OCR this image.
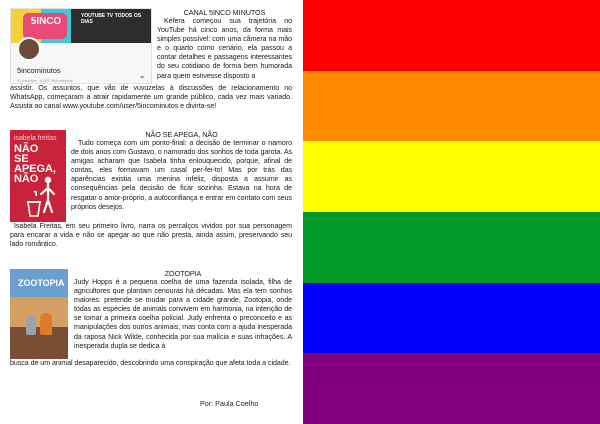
5INCO	YOUTUBE TV TODOS OS DIAS
5incominutos
91 inscritos · 6.027.369 inscritos	☂
CANAL 5INCO MINUTOS
Kéfera começou sua trajetória no YouTube há cinco anos, da forma mais simples possível: com uma câmera na mão e o quarto como cenário, ela passou a contar detalhes e passagens interessantes do seu cotidiano de forma bem humorada para quem estivesse disposto a
assistir. Os assuntos, que vão de vuvuzelas à discussões de relacionamento no WhatsApp, começaram a atrair rapidamente um grande público, cada vez mais variado. Assista ao canal www.youtube.com/user/5incominutos e divirta-se!
isabela freitas
NÃO SE APEGA, NÃO
NÃO SE APEGA, NÃO
Tudo começa com um ponto-final: a decisão de terminar o namoro de dois anos com Gustavo, o namorado dos sonhos de toda garota. As amigas acharam que Isabela tinha enlouquecido, porque, afinal de contas, eles formavam um casal per-fei-to! Mas por trás das aparências existia uma menina infeliz, disposta a assumir as consequências pela decisão de ficar sozinha. Estava na hora de resgatar o amor-próprio, a autoconfiança e entrar em contato com seus próprios desejos.
Isabela Freitas, em seu primeiro livro, narra os percalços vividos por sua personagem para encarar a vida e não se apegar ao que não presta, ainda assim, preservando seu lado romântico.
ZOOTOPIA
ZOOTOPIA
Judy Hopps é a pequena coelha de uma fazenda isolada, filha de agricultores que plantam cenouras há décadas. Mas ela tem sonhos maiores: pretende se mudar para a cidade grande, Zootopia, onde todas as espécies de animais convivem em harmonia, na intenção de se tomar a primeira coelha policial. Judy enfrenta o preconceito e as manipulações dos outros animais, mas conta com a ajuda inesperada da raposa Nick Wilde, conhecida por sua malícia e suas infrações. A inesperada dupla se dedica à
busca de um animal desaparecido, descobrindo uma conspiração que afeta toda a cidade.
Por: Paula Coelho
